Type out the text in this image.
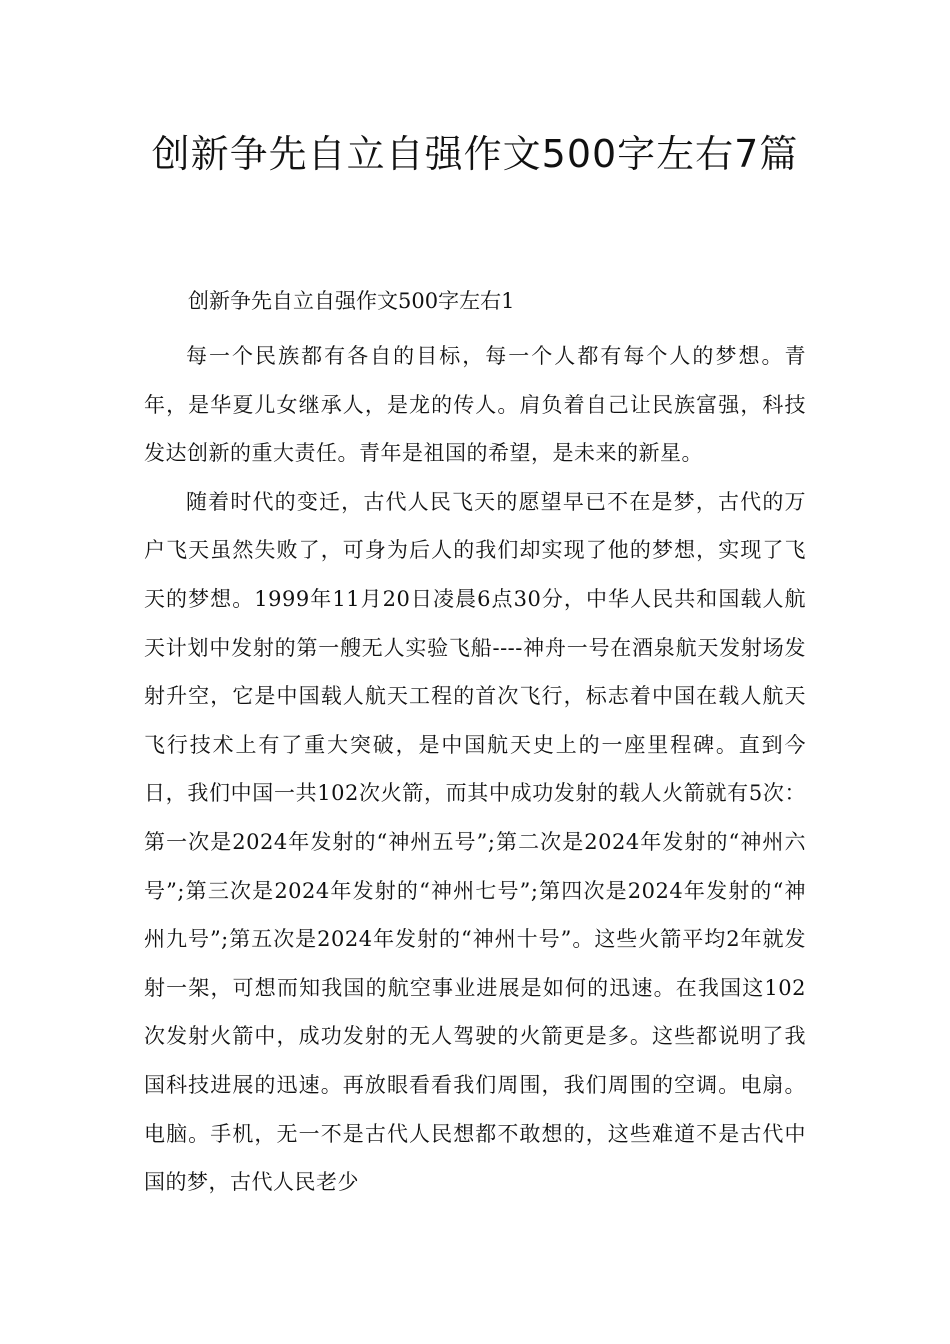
创新争先自立自强作文500字左右7篇

创新争先自立自强作文500字左右1

每一个民族都有各自的目标，每一个人都有每个人的梦想。青年，是华夏儿女继承人，是龙的传人。肩负着自己让民族富强，科技发达创新的重大责任。青年是祖国的希望，是未来的新星。

随着时代的变迁，古代人民飞天的愿望早已不在是梦，古代的万户飞天虽然失败了，可身为后人的我们却实现了他的梦想，实现了飞天的梦想。1999年11月20日凌晨6点30分，中华人民共和国载人航天计划中发射的第一艘无人实验飞船----神舟一号在酒泉航天发射场发射升空，它是中国载人航天工程的首次飞行，标志着中国在载人航天飞行技术上有了重大突破，是中国航天史上的一座里程碑。直到今日，我们中国一共102次火箭，而其中成功发射的载人火箭就有5次：第一次是2024年发射的“神州五号”;第二次是2024年发射的“神州六号”;第三次是2024年发射的“神州七号”;第四次是2024年发射的“神州九号”;第五次是2024年发射的“神州十号”。这些火箭平均2年就发射一架，可想而知我国的航空事业进展是如何的迅速。在我国这102次发射火箭中，成功发射的无人驾驶的火箭更是多。这些都说明了我国科技进展的迅速。再放眼看看我们周围，我们周围的空调。电扇。电脑。手机，无一不是古代人民想都不敢想的，这些难道不是古代中国的梦，古代人民老少
